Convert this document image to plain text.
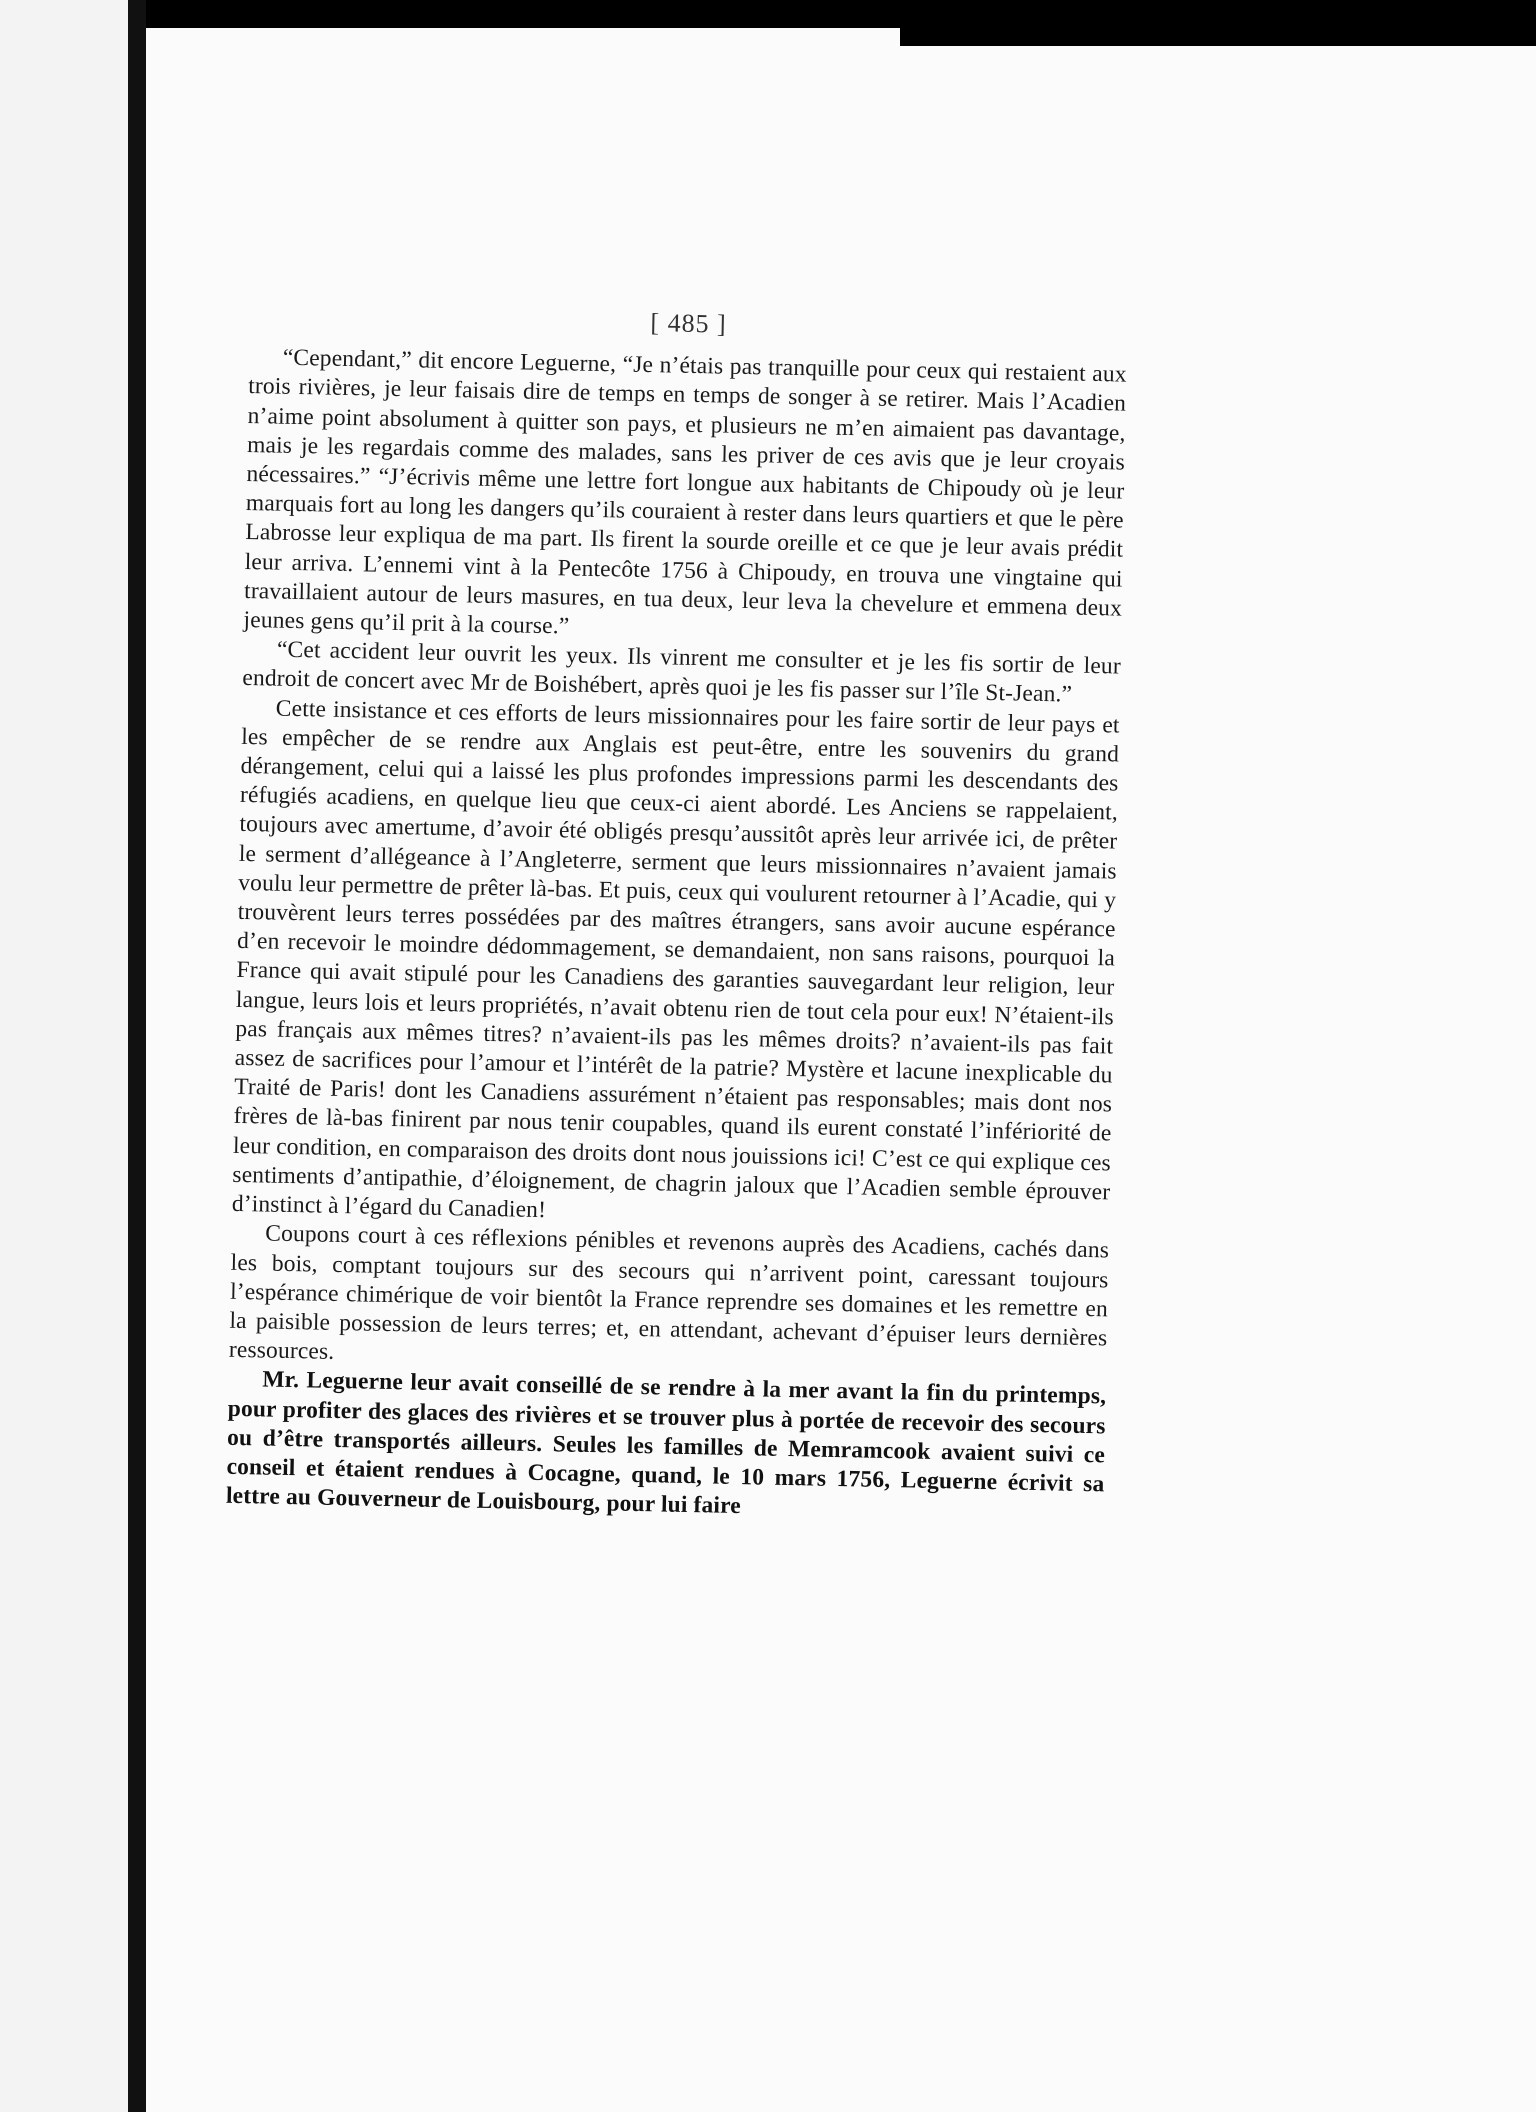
[ 485 ]

“Cependant,” dit encore Leguerne, “Je n’étais pas tranquille pour ceux qui restaient aux trois rivières, je leur faisais dire de temps en temps de songer à se retirer. Mais l’Acadien n’aime point absolument à quitter son pays, et plusieurs ne m’en aimaient pas davantage, mais je les regardais comme des malades, sans les priver de ces avis que je leur croyais nécessaires.” “J’écrivis même une lettre fort longue aux habitants de Chipoudy où je leur marquais fort au long les dangers qu’ils couraient à rester dans leurs quartiers et que le père Labrosse leur expliqua de ma part. Ils firent la sourde oreille et ce que je leur avais prédit leur arriva. L’ennemi vint à la Pentecôte 1756 à Chipoudy, en trouva une vingtaine qui travaillaient autour de leurs masures, en tua deux, leur leva la chevelure et emmena deux jeunes gens qu’il prit à la course.”

“Cet accident leur ouvrit les yeux. Ils vinrent me consulter et je les fis sortir de leur endroit de concert avec Mr de Boishébert, après quoi je les fis passer sur l’île St-Jean.”

Cette insistance et ces efforts de leurs missionnaires pour les faire sortir de leur pays et les empêcher de se rendre aux Anglais est peut-être, entre les souvenirs du grand dérangement, celui qui a laissé les plus profondes impressions parmi les descendants des réfugiés acadiens, en quelque lieu que ceux-ci aient abordé. Les Anciens se rappelaient, toujours avec amertume, d’avoir été obligés presqu’aussitôt après leur arrivée ici, de prêter le serment d’allégeance à l’Angleterre, serment que leurs missionnaires n’avaient jamais voulu leur permettre de prêter là-bas. Et puis, ceux qui voulurent retourner à l’Acadie, qui y trouvèrent leurs terres possédées par des maîtres étrangers, sans avoir aucune espérance d’en recevoir le moindre dédommagement, se demandaient, non sans raisons, pourquoi la France qui avait stipulé pour les Canadiens des garanties sauvegardant leur religion, leur langue, leurs lois et leurs propriétés, n’avait obtenu rien de tout cela pour eux! N’étaient-ils pas français aux mêmes titres? n’avaient-ils pas les mêmes droits? n’avaient-ils pas fait assez de sacrifices pour l’amour et l’intérêt de la patrie? Mystère et lacune inexplicable du Traité de Paris! dont les Canadiens assurément n’étaient pas responsables; mais dont nos frères de là-bas finirent par nous tenir coupables, quand ils eurent constaté l’infériorité de leur condition, en comparaison des droits dont nous jouissions ici! C’est ce qui explique ces sentiments d’antipathie, d’éloignement, de chagrin jaloux que l’Acadien semble éprouver d’instinct à l’égard du Canadien!

Coupons court à ces réflexions pénibles et revenons auprès des Acadiens, cachés dans les bois, comptant toujours sur des secours qui n’arrivent point, caressant toujours l’espérance chimérique de voir bientôt la France reprendre ses domaines et les remettre en la paisible possession de leurs terres; et, en attendant, achevant d’épuiser leurs dernières ressources.

Mr. Leguerne leur avait conseillé de se rendre à la mer avant la fin du printemps, pour profiter des glaces des rivières et se trouver plus à portée de recevoir des secours ou d’être transportés ailleurs. Seules les familles de Memramcook avaient suivi ce conseil et étaient rendues à Cocagne, quand, le 10 mars 1756, Leguerne écrivit sa lettre au Gouverneur de Louisbourg, pour lui faire
